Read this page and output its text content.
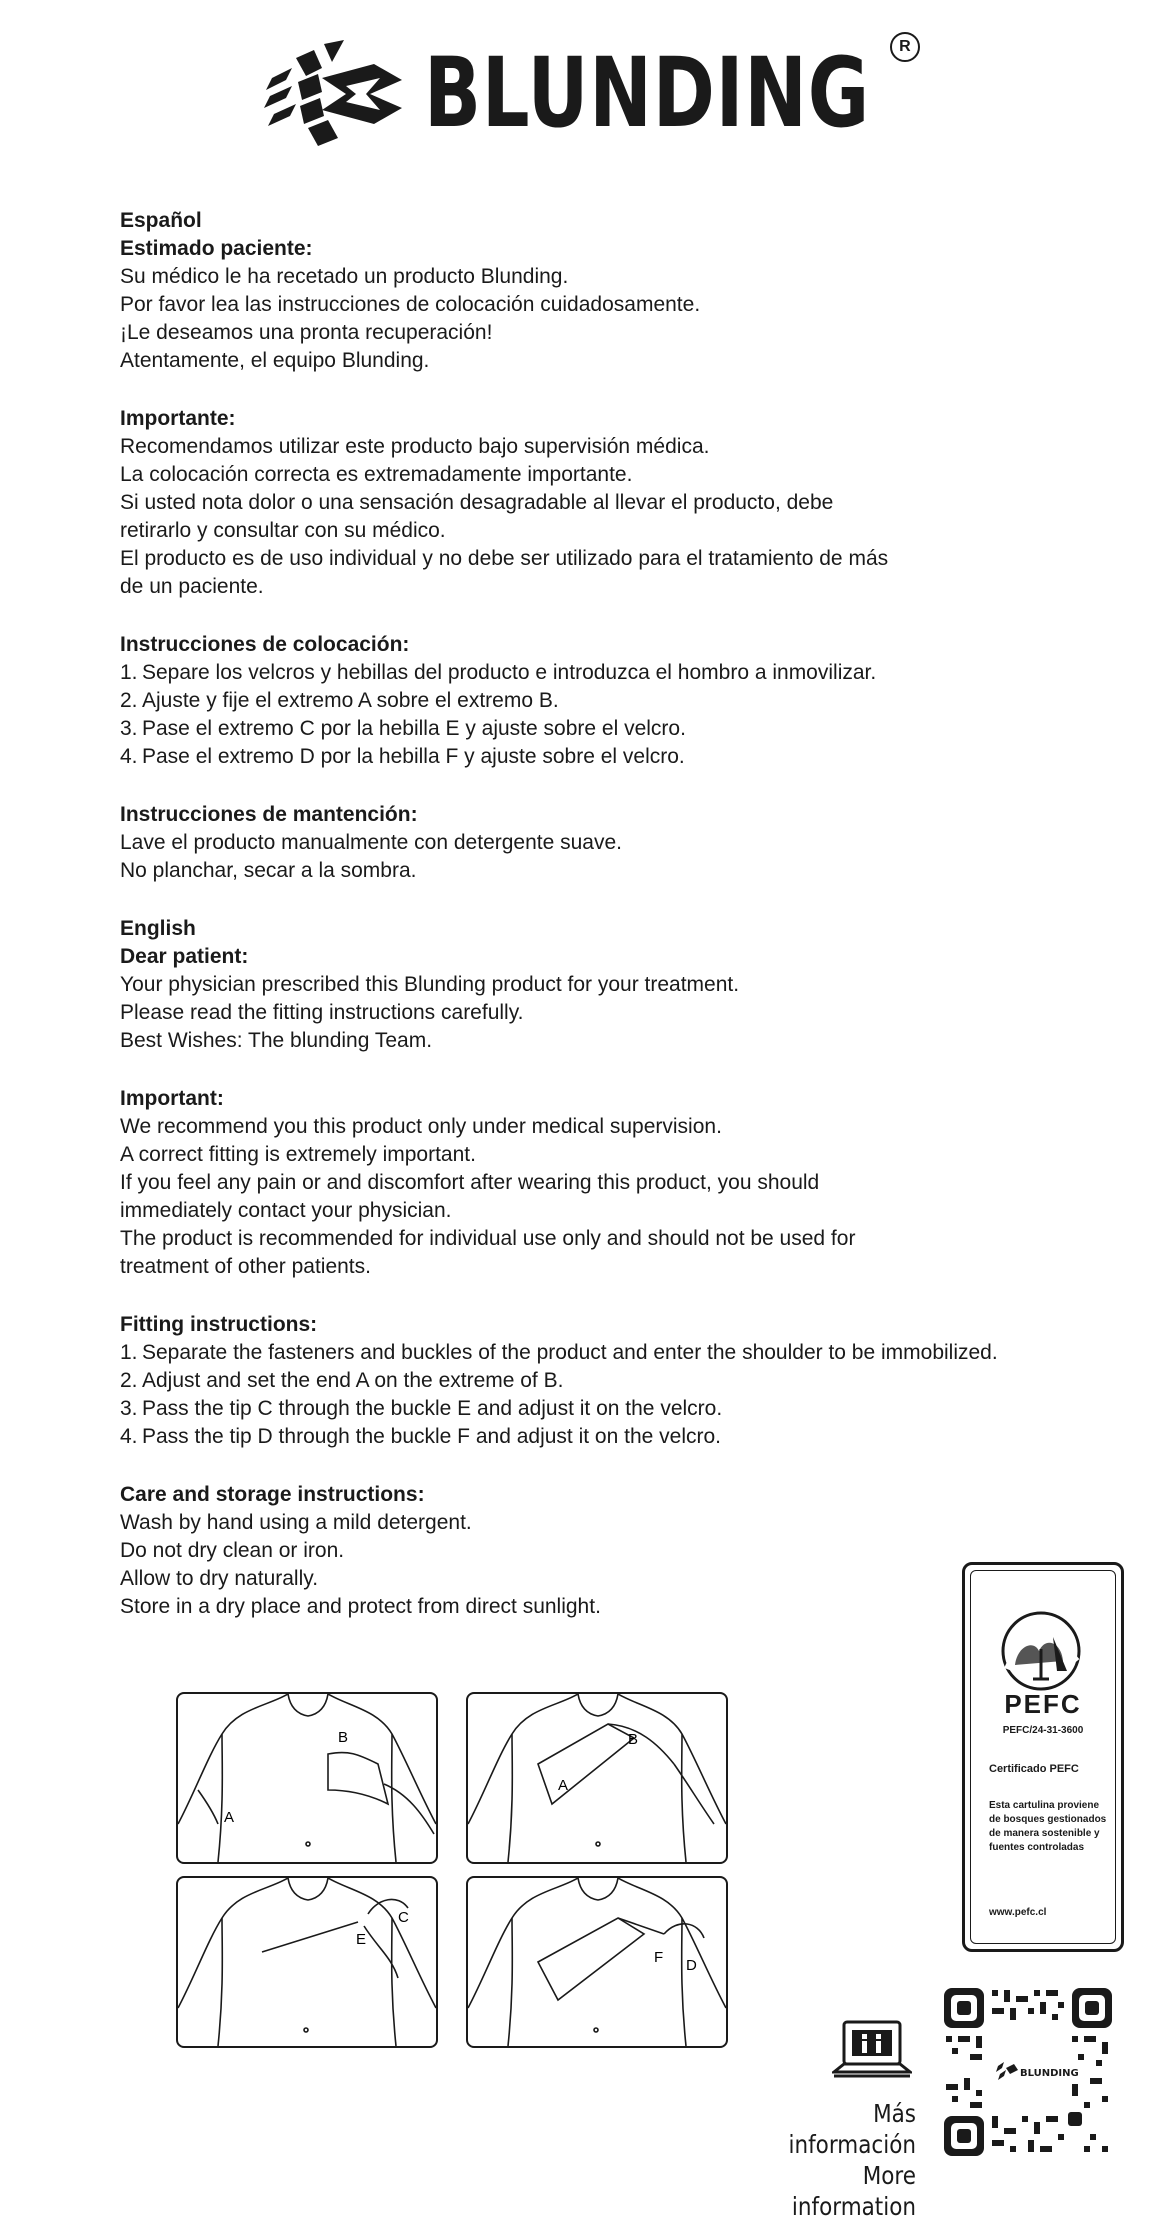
BLUNDING	R
Español
Estimado paciente:
Su médico le ha recetado un producto Blunding.
Por favor lea las instrucciones de colocación cuidadosamente.
¡Le deseamos una pronta recuperación!
Atentamente, el equipo Blunding.
Importante:
Recomendamos utilizar este producto bajo supervisión médica.
La colocación correcta es extremadamente importante.
Si usted nota dolor o una sensación desagradable al llevar el producto, debe
retirarlo y consultar con su médico.
El producto es de uso individual y no debe ser utilizado para el tratamiento de más
de un paciente.
Instrucciones de colocación:
1. Separe los velcros y hebillas del producto e introduzca el hombro a inmovilizar.
2. Ajuste y fije el extremo A sobre el extremo B.
3. Pase el extremo C por la hebilla E y ajuste sobre el velcro.
4. Pase el extremo D por la hebilla F y ajuste sobre el velcro.
Instrucciones de mantención:
Lave el producto manualmente con detergente suave.
No planchar, secar a la sombra.
English
Dear patient:
Your physician prescribed this Blunding product for your treatment.
Please read the fitting instructions carefully.
Best Wishes: The blunding Team.
Important:
We recommend you this product only under medical supervision.
A correct fitting is extremely important.
If you feel any pain or and discomfort after wearing this product, you should
immediately contact your physician.
The product is recommended for individual use only and should not be used for
treatment of other patients.
Fitting instructions:
1. Separate the fasteners and buckles of the product and enter the shoulder to be immobilized.
2. Adjust and set the end A on the extreme of B.
3. Pass the tip C through the buckle E and adjust it on the velcro.
4. Pass the tip D through the buckle F and adjust it on the velcro.
Care and storage instructions:
Wash by hand using a mild detergent.
Do not dry clean or iron.
Allow to dry naturally.
Store in a dry place and protect from direct sunlight.
B
A
B
A
C
E
F D
PEFC
PEFC/24-31-3600
Certificado PEFC
Esta cartulina proviene de bosques gestionados de manera sostenible y fuentes controladas
www.pefc.cl
Más información
More information
BLUNDING
